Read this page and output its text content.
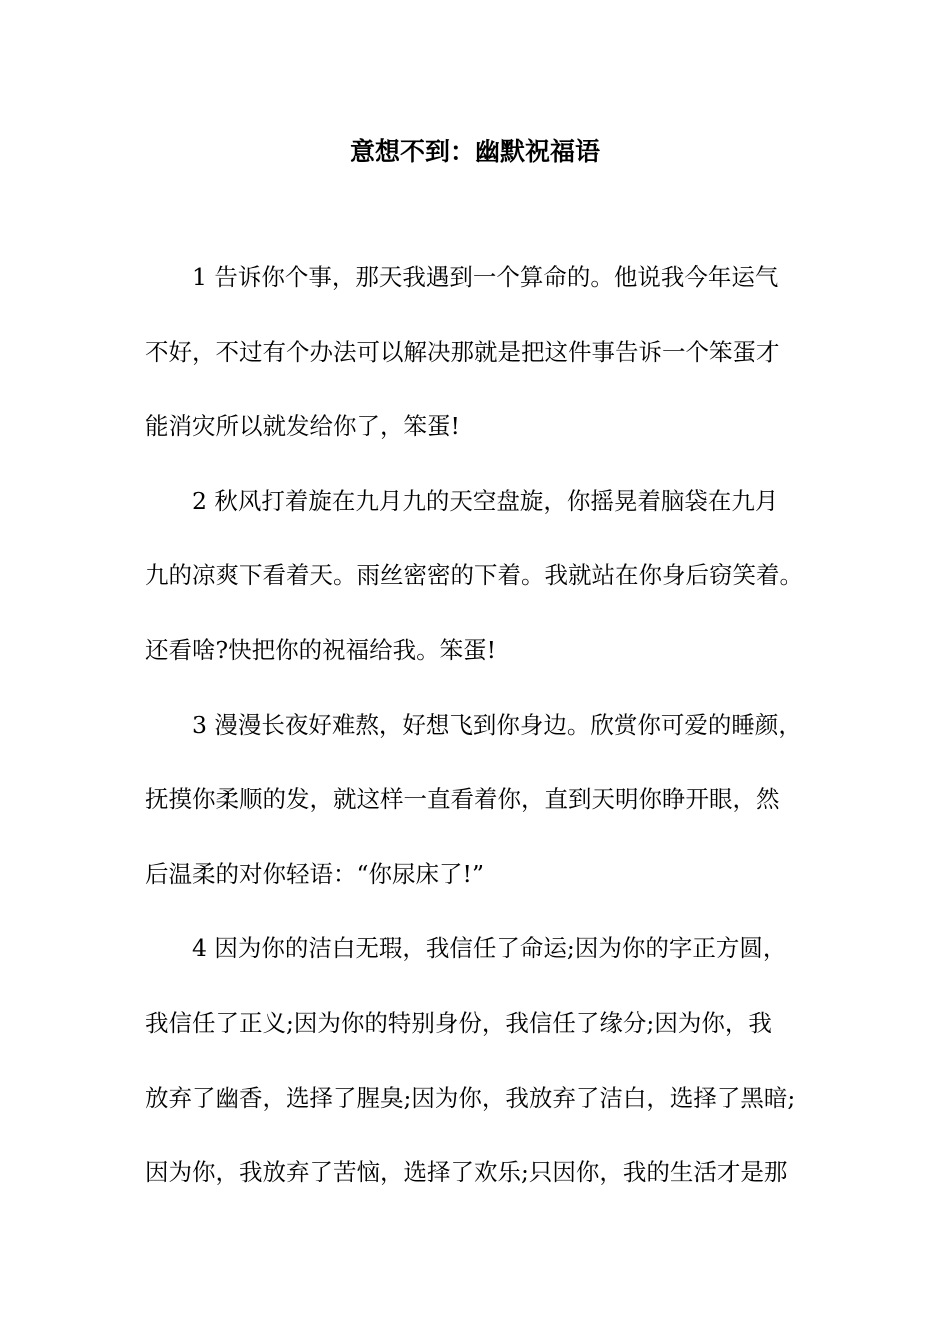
意想不到：幽默祝福语
1 告诉你个事，那天我遇到一个算命的。他说我今年运气
不好，不过有个办法可以解决那就是把这件事告诉一个笨蛋才
能消灾所以就发给你了，笨蛋!
2 秋风打着旋在九月九的天空盘旋，你摇晃着脑袋在九月
九的凉爽下看着天。雨丝密密的下着。我就站在你身后窃笑着。
还看啥?快把你的祝福给我。笨蛋!
3 漫漫长夜好难熬，好想飞到你身边。欣赏你可爱的睡颜，
抚摸你柔顺的发，就这样一直看着你，直到天明你睁开眼，然
后温柔的对你轻语：“你尿床了!”
4 因为你的洁白无瑕，我信任了命运;因为你的字正方圆，
我信任了正义;因为你的特别身份，我信任了缘分;因为你，我
放弃了幽香，选择了腥臭;因为你，我放弃了洁白，选择了黑暗;
因为你，我放弃了苦恼，选择了欢乐;只因你，我的生活才是那
